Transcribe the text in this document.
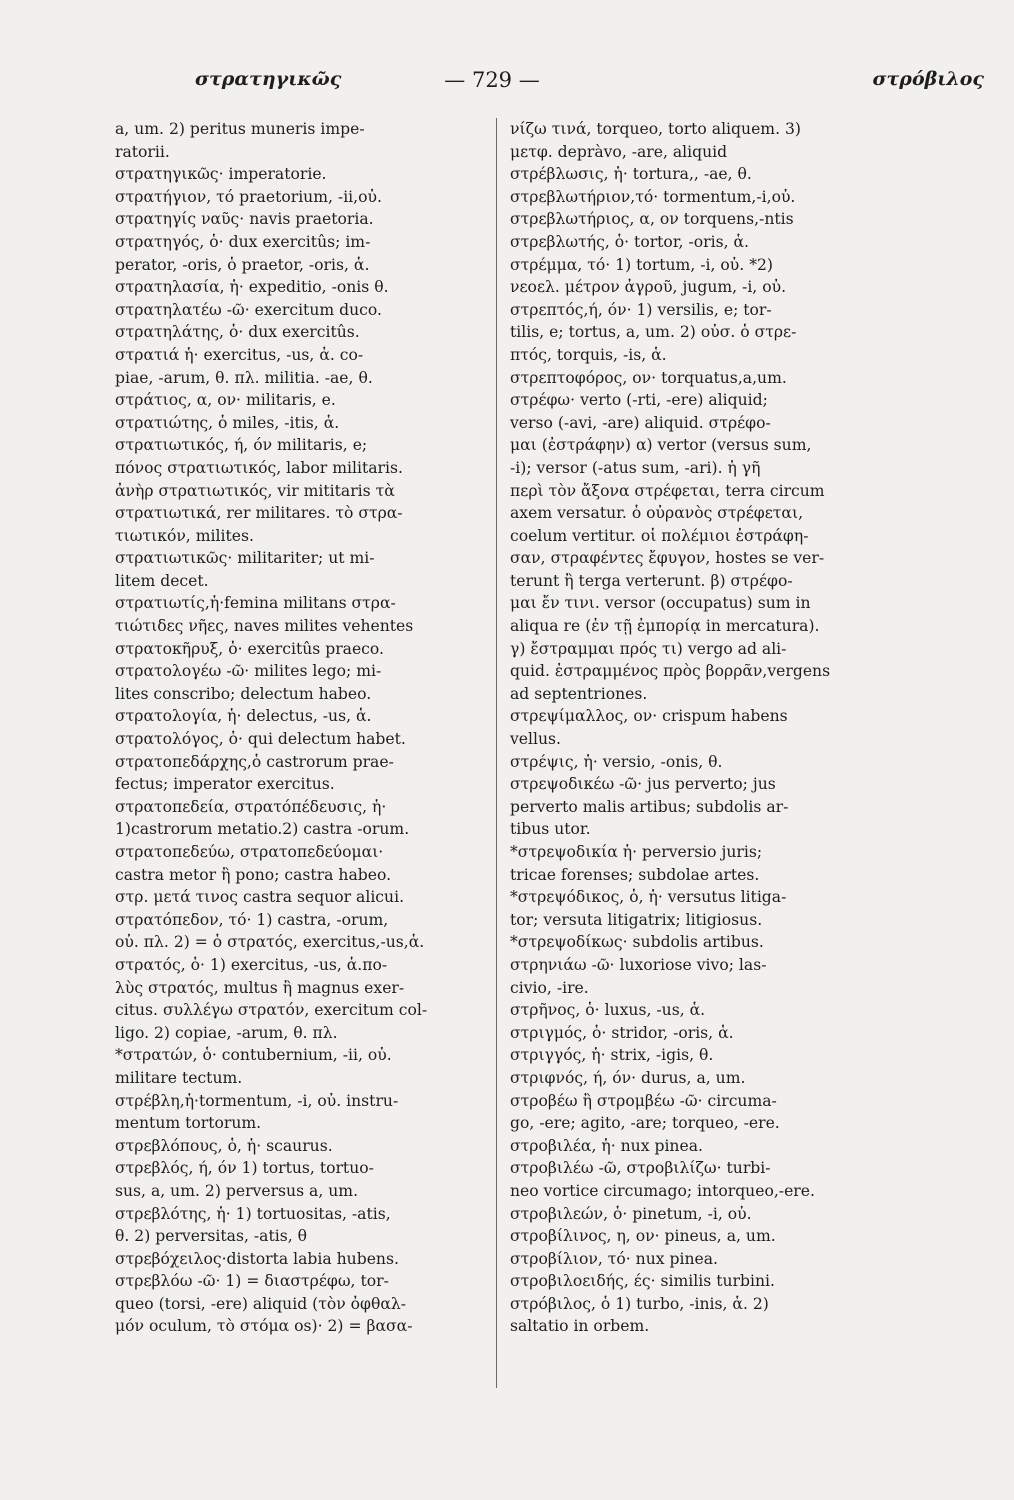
στρατηγικῶς	— 729 —	στρόβιλος
a, um. 2) peritus muneris impe-
ratorii.
στρατηγικῶς· imperatorie.
στρατήγιον, τό praetorium, -ii,οὐ.
στρατηγίς ναῦς· navis praetoria.
στρατηγός, ὁ· dux exercitûs; im-
perator, -oris, ὁ praetor, -oris, ἁ.
στρατηλασία, ἡ· expeditio, -onis θ.
στρατηλατέω -ῶ· exercitum duco.
στρατηλάτης, ὁ· dux exercitûs.
στρατιά ἡ· exercitus, -us, ἁ. co-
piae, -arum, θ. πλ. militia. -ae, θ.
στράτιος, α, ον· militaris, e.
στρατιώτης, ὁ miles, -itis, ἁ.
στρατιωτικός, ή, όν militaris, e;
πόνος στρατιωτικός, labor militaris.
ἀνὴρ στρατιωτικός, vir mititaris τὰ
στρατιωτικά, rer militares. τὸ στρα-
τιωτικόν, milites.
στρατιωτικῶς· militariter; ut mi-
litem decet.
στρατιωτίς,ἡ·femina militans στρα-
τιώτιδες νῆες, naves milites vehentes
στρατοκῆρυξ, ὁ· exercitûs praeco.
στρατολογέω -ῶ· milites lego; mi-
lites conscribo; delectum habeo.
στρατολογία, ἡ· delectus, -us, ἁ.
στρατολόγος, ὁ· qui delectum habet.
στρατοπεδάρχης,ὁ castrorum prae-
fectus; imperator exercitus.
στρατοπεδεία, στρατόπέδευσις, ἡ·
1)castrorum metatio.2) castra -orum.
στρατοπεδεύω, στρατοπεδεύομαι·
castra metor ἢ pono; castra habeo.
στρ. μετά τινος castra sequor alicui.
στρατόπεδον, τό· 1) castra, -orum,
οὐ. πλ. 2) = ὁ στρατός, exercitus,-us,ἁ.
στρατός, ὁ· 1) exercitus, -us, ἁ.πο-
λὺς στρατός, multus ἢ magnus exer-
citus. συλλέγω στρατόν, exercitum col-
ligo. 2) copiae, -arum, θ. πλ.
*στρατών, ὁ· contubernium, -ii, οὐ.
militare tectum.
στρέβλη,ἡ·tormentum, -i, οὐ. instru-
mentum tortorum.
στρεβλόπους, ὁ, ἡ· scaurus.
στρεβλός, ή, όν 1) tortus, tortuo-
sus, a, um. 2) perversus a, um.
στρεβλότης, ἡ· 1) tortuositas, -atis,
θ. 2) perversitas, -atis, θ
στρεβόχειλος·distorta labia hubens.
στρεβλόω -ῶ· 1) = διαστρέφω, tor-
queo (torsi, -ere) aliquid (τὸν ὀφθαλ-
μόν oculum, τὸ στόμα os)· 2) = βασα-
νίζω τινά, torqueo, torto aliquem. 3)
μετφ. depràvo, -are, aliquid
στρέβλωσις, ἡ· tortura,, -ae, θ.
στρεβλωτήριον,τό· tormentum,-i,οὐ.
στρεβλωτήριος, α, ον torquens,-ntis
στρεβλωτής, ὁ· tortor, -oris, ἁ.
στρέμμα, τό· 1) tortum, -i, οὐ. *2)
νεοελ. μέτρον ἀγροῦ, jugum, -i, οὐ.
στρεπτός,ή, όν· 1) versilis, e; tor-
tilis, e; tortus, a, um. 2) οὐσ. ὁ στρε-
πτός, torquis, -is, ἁ.
στρεπτοφόρος, ον· torquatus,a,um.
στρέφω· verto (-rti, -ere) aliquid;
verso (-avi, -are) aliquid. στρέφο-
μαι (ἐστράφην) α) vertor (versus sum,
-i); versor (-atus sum, -ari). ἡ γῆ
περὶ τὸν ἄξονα στρέφεται, terra circum
axem versatur. ὁ οὐρανὸς στρέφεται,
coelum vertitur. οἱ πολέμιοι ἐστράφη-
σαν, στραφέντες ἔφυγον, hostes se ver-
terunt ἢ terga verterunt. β) στρέφο-
μαι ἔν τινι. versor (occupatus) sum in
aliqua re (ἐν τῇ ἐμπορίᾳ in mercatura).
γ) ἔστραμμαι πρός τι) vergo ad ali-
quid. ἐστραμμένος πρὸς βορρᾶν,vergens
ad septentriones.
στρεψίμαλλος, ον· crispum habens
vellus.
στρέψις, ἡ· versio, -onis, θ.
στρεψοδικέω -ῶ· jus perverto; jus
perverto malis artibus; subdolis ar-
tibus utor.
*στρεψοδικία ἡ· perversio juris;
tricae forenses; subdolae artes.
*στρεψόδικος, ὁ, ἡ· versutus litiga-
tor; versuta litigatrix; litigiosus.
*στρεψοδίκως· subdolis artibus.
στρηνιάω -ῶ· luxoriose vivo; las-
civio, -ire.
στρῆνος, ὁ· luxus, -us, ἁ.
στριγμός, ὁ· stridor, -oris, ἁ.
στριγγός, ἡ· strix, -igis, θ.
στριφνός, ή, όν· durus, a, um.
στροβέω ἢ στρομβέω -ῶ· circuma-
go, -ere; agito, -are; torqueo, -ere.
στροβιλέα, ἡ· nux pinea.
στροβιλέω -ῶ, στροβιλίζω· turbi-
neo vortice circumago; intorqueo,-ere.
στροβιλεών, ὁ· pinetum, -i, οὐ.
στροβίλινος, η, ον· pineus, a, um.
στροβίλιον, τό· nux pinea.
στροβιλοειδής, ές· similis turbini.
στρόβιλος, ὁ 1) turbo, -inis, ἁ. 2)
saltatio in orbem.
